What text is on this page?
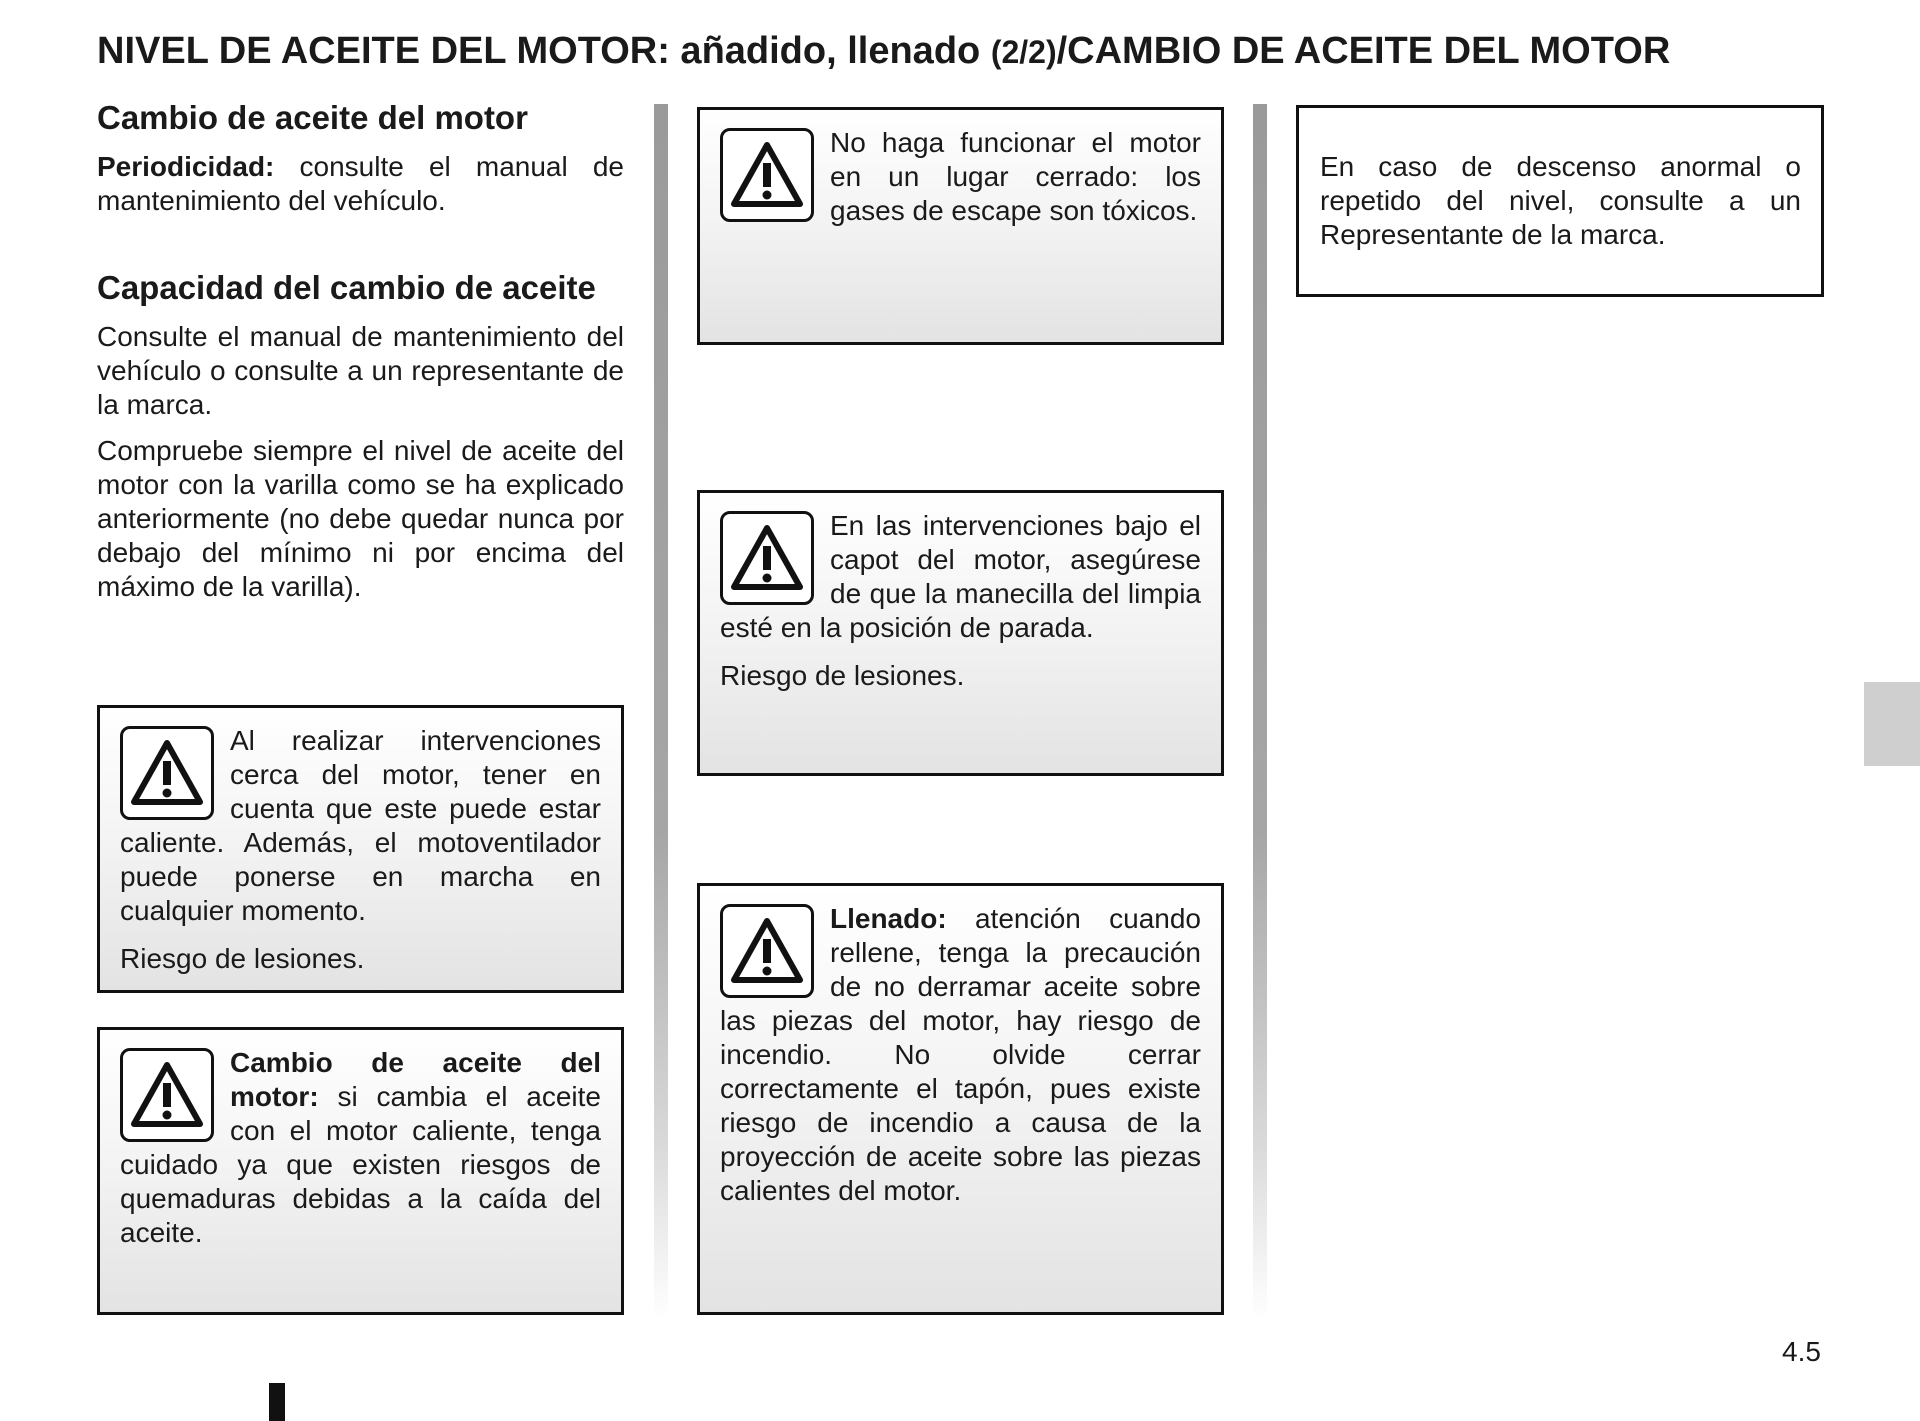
NIVEL DE ACEITE DEL MOTOR: añadido, llenado (2/2)/CAMBIO DE ACEITE DEL MOTOR
Cambio de aceite del motor

Periodicidad: consulte el manual de mantenimiento del vehículo.

Capacidad del cambio de aceite

Consulte el manual de mantenimiento del vehículo o consulte a un representante de la marca.

Compruebe siempre el nivel de aceite del motor con la varilla como se ha explicado anteriormente (no debe quedar nunca por debajo del mínimo ni por encima del máximo de la varilla).

Al realizar intervenciones cerca del motor, tener en cuenta que este puede estar caliente. Además, el motoventilador puede ponerse en marcha en cualquier momento.

Riesgo de lesiones.

Cambio de aceite del motor: si cambia el aceite con el motor caliente, tenga cuidado ya que existen riesgos de quemaduras debidas a la caída del aceite.

No haga funcionar el motor en un lugar cerrado: los gases de escape son tóxicos.

En las intervenciones bajo el capot del motor, asegúrese de que la manecilla del limpia esté en la posición de parada.

Riesgo de lesiones.

Llenado: atención cuando rellene, tenga la precaución de no derramar aceite sobre las piezas del motor, hay riesgo de incendio. No olvide cerrar correctamente el tapón, pues existe riesgo de incendio a causa de la proyección de aceite sobre las piezas calientes del motor.

En caso de descenso anormal o repetido del nivel, consulte a un Representante de la marca.

4.5
